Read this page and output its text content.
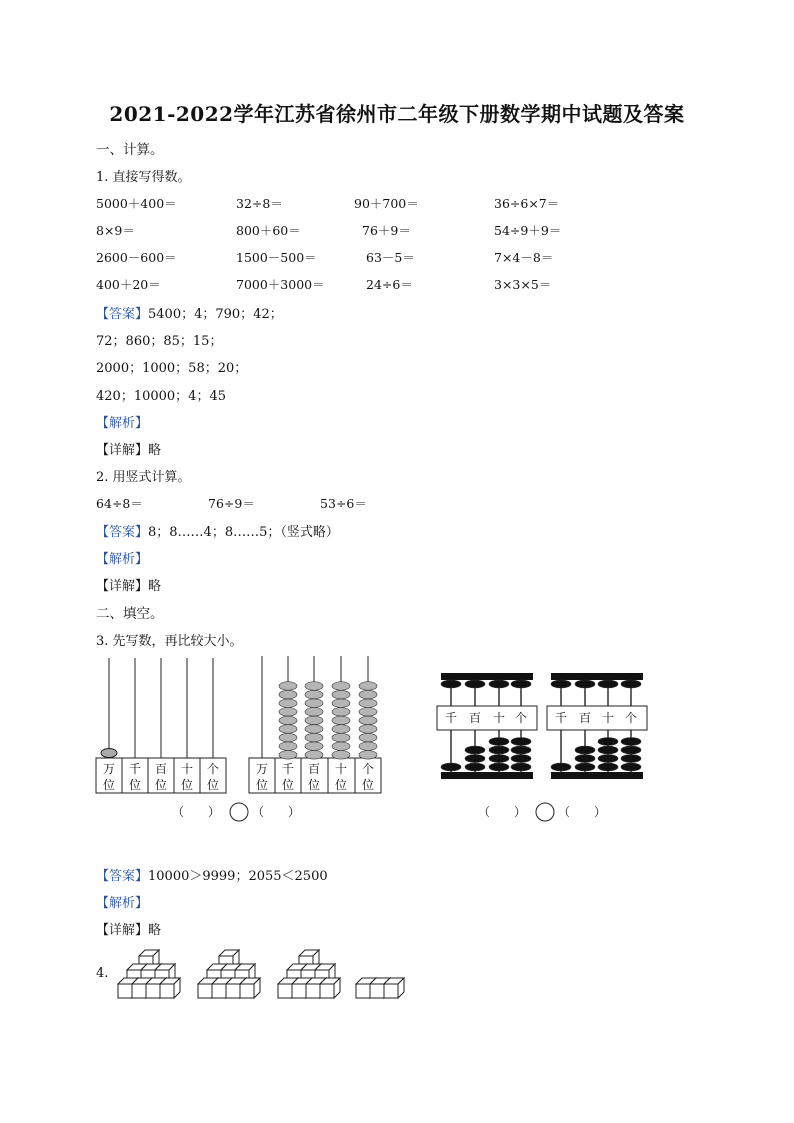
2021-2022学年江苏省徐州市二年级下册数学期中试题及答案
一、计算。
1. 直接写得数。
5000＋400＝	32÷8＝	90＋700＝	36÷6×7＝
8×9＝	800＋60＝	76＋9＝	54÷9＋9＝
2600－600＝	1500－500＝	63－5＝	7×4－8＝
400＋20＝	7000＋3000＝	24÷6＝	3×3×5＝
【答案】5400；4；790；42；
72；860；85；15；
2000；1000；58；20；
420；10000；4；45
【解析】
【详解】略
2. 用竖式计算。
64÷8＝	76÷9＝	53÷6＝
【答案】8；8……4；8……5；（竖式略）
【解析】
【详解】略
二、填空。
3. 先写数，再比较大小。
万 千 百 十 个
位 位 位 位 位
万 千 百 十 个
位 位 位 位 位
（　　）	（　　）
千 百 十 个 千 百 十 个
（　　）	（　　）
【答案】10000＞9999；2055＜2500
【解析】
【详解】略
4.
